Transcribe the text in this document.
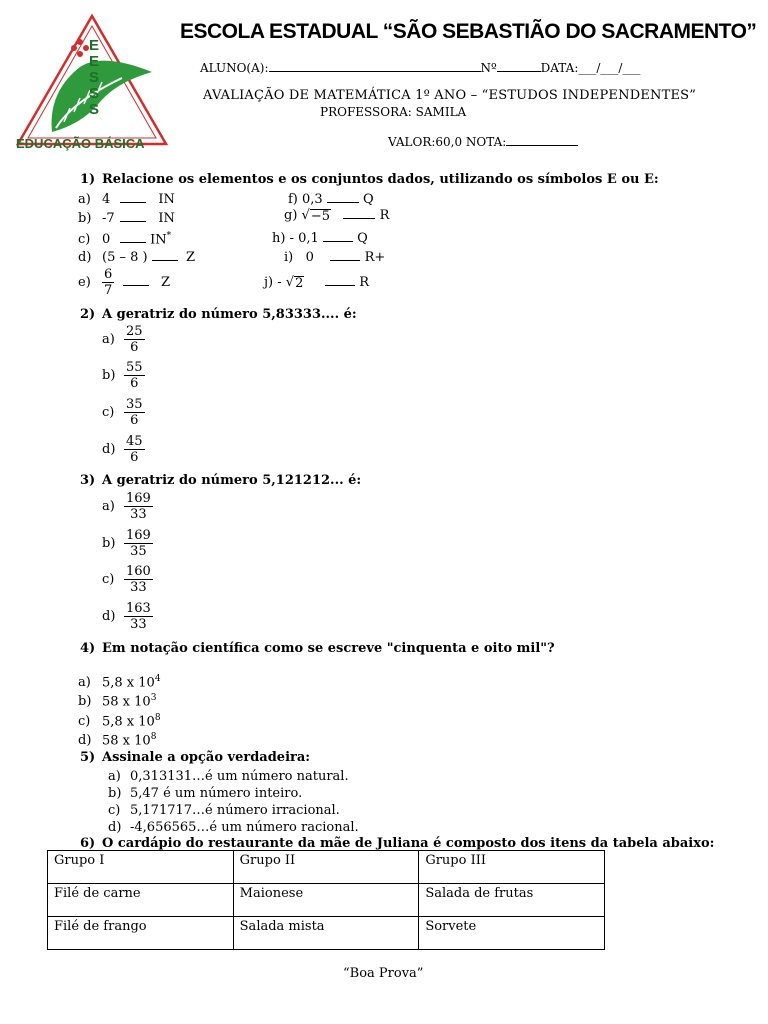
E
E
S
S
S
EDUCAÇÃO BÁSICA
ESCOLA ESTADUAL “SÃO SEBASTIÃO DO SACRAMENTO”
ALUNO(A):	Nº	DATA:___/___/___
AVALIAÇÃO DE MATEMÁTICA 1º ANO – “ESTUDOS INDEPENDENTES”
PROFESSORA: SAMILA
VALOR:60,0 NOTA:
1) Relacione os elementos e os conjuntos dados, utilizando os símbolos E ou E:
a) 4	IN
b) -7	IN
c) 0	IN*
d) (5 – 8 )	Z
$e) \frac{6}{7}$	Z
f) 0,3	Q
g) √ −5	R
h) - 0,1	Q
i) 0	R+
j) - √ 2	R
2) A geratriz do número 5,83333.... é:
$a) \frac{25}{6}$
$b) \frac{55}{6}$
$c) \frac{35}{6}$
$d) \frac{45}{6}$
3) A geratriz do número 5,121212... é:
$a) \frac{169}{33}$
$b) \frac{169}{35}$
$c) \frac{160}{33}$
$d) \frac{163}{33}$
4) Em notação científica como se escreve "cinquenta e oito mil"?
a) 5,8 x $10^4$
b) 58 x $10^3$
c) 5,8 x $10^8$
d) 58 x $10^8$
5) Assinale a opção verdadeira:
a) 0,313131…é um número natural.
b) 5,47 é um número inteiro.
c) 5,171717…é número irracional.
d) -4,656565…é um número racional.
6) O cardápio do restaurante da mãe de Juliana é composto dos itens da tabela abaixo:
Grupo I	Grupo II	Grupo III
Filé de carne	Maionese	Salada de frutas
Filé de frango	Salada mista	Sorvete
“Boa Prova”
